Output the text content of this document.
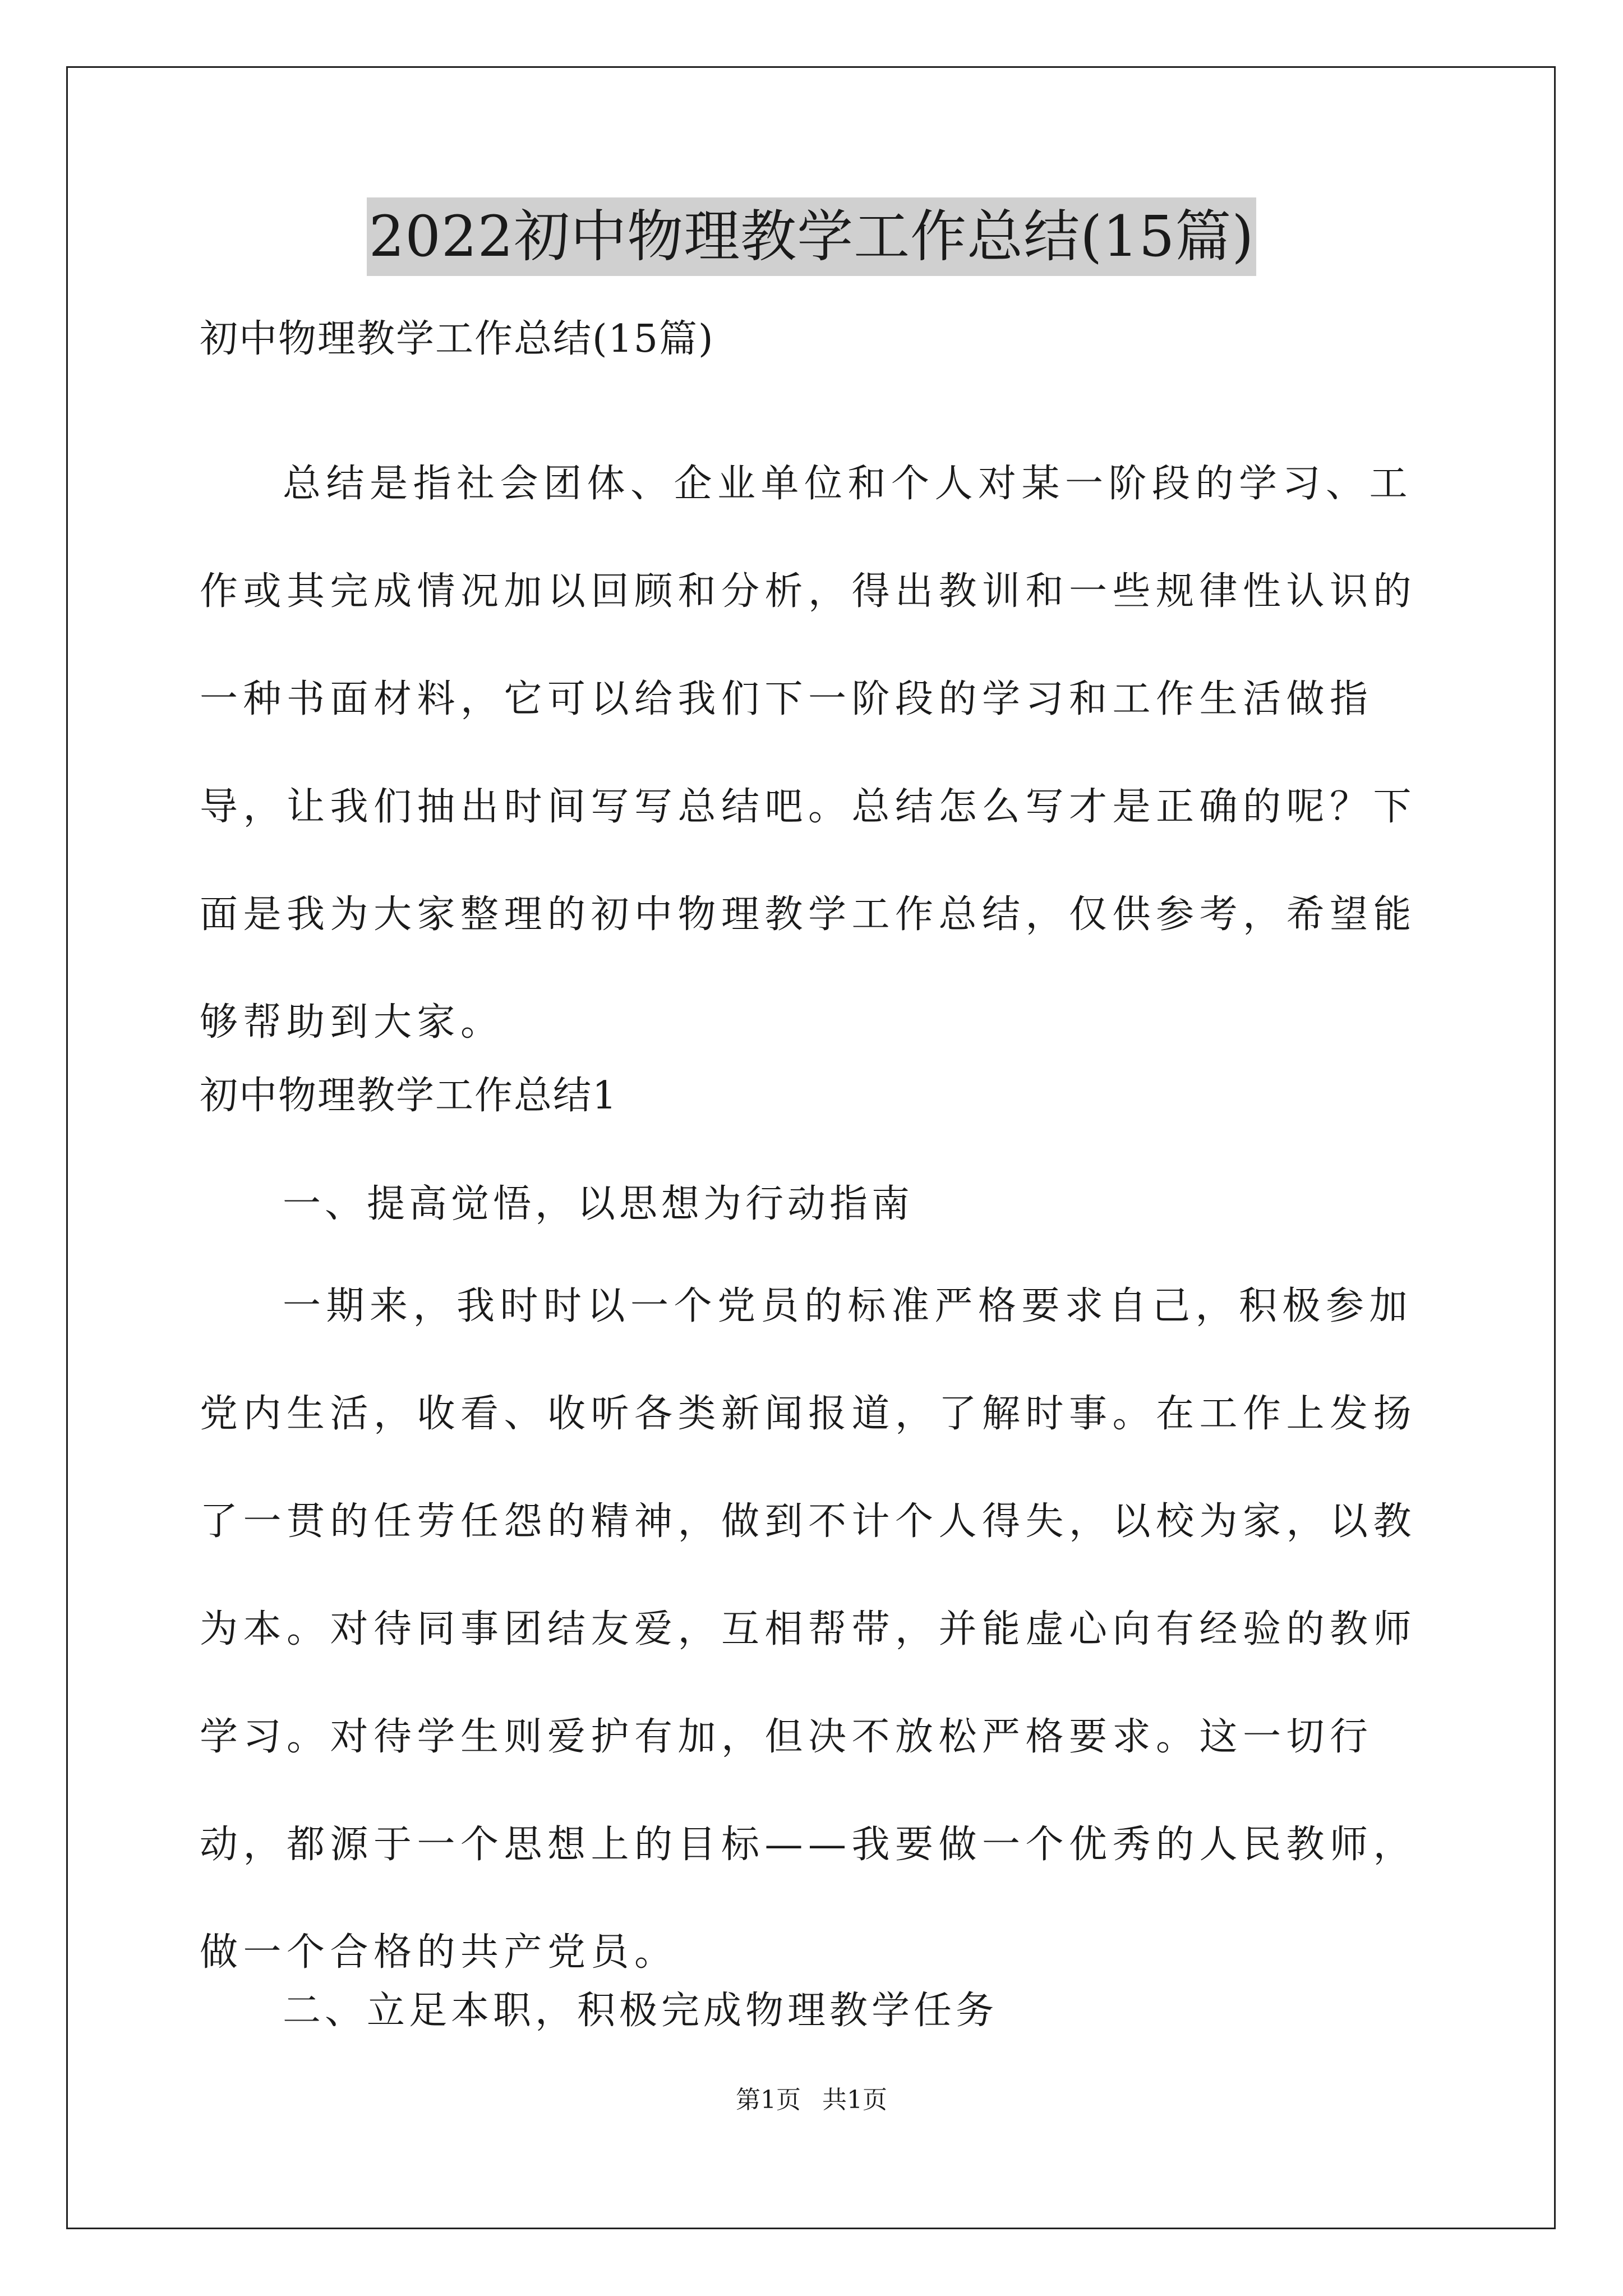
2022初中物理教学工作总结(15篇)
初中物理教学工作总结(15篇)

总结是指社会团体、企业单位和个人对某一阶段的学习、工作或其完成情况加以回顾和分析，得出教训和一些规律性认识的一种书面材料，它可以给我们下一阶段的学习和工作生活做指导，让我们抽出时间写写总结吧。总结怎么写才是正确的呢？下面是我为大家整理的初中物理教学工作总结，仅供参考，希望能够帮助到大家。

初中物理教学工作总结1
一、提高觉悟，以思想为行动指南

一期来，我时时以一个党员的标准严格要求自己，积极参加党内生活，收看、收听各类新闻报道，了解时事。在工作上发扬了一贯的任劳任怨的精神，做到不计个人得失，以校为家，以教为本。对待同事团结友爱，互相帮带，并能虚心向有经验的教师学习。对待学生则爱护有加，但决不放松严格要求。这一切行动，都源于一个思想上的目标——我要做一个优秀的人民教师，做一个合格的共产党员。

二、立足本职，积极完成物理教学任务
第1页 共1页
